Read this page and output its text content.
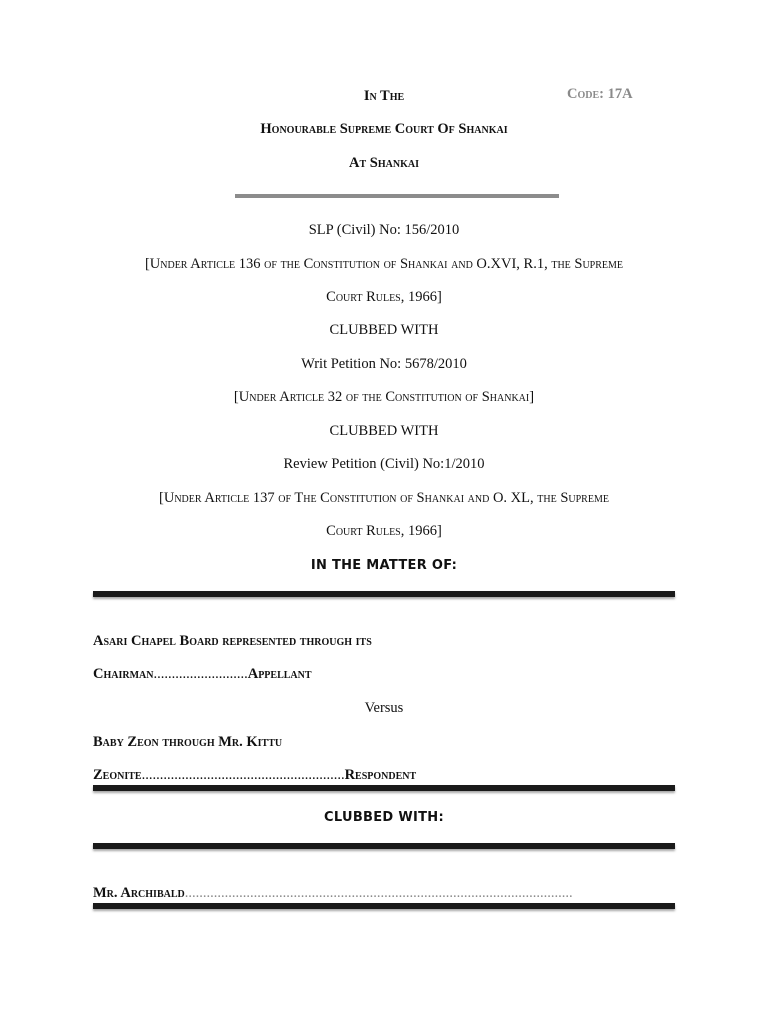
In The	Code: 17A
Honourable Supreme Court Of Shankai
At Shankai
SLP (Civil) No: 156/2010
[Under Article 136 of the Constitution of Shankai and O.XVI, R.1, the Supreme
Court Rules, 1966]
CLUBBED WITH
Writ Petition No: 5678/2010
[Under Article 32 of the Constitution of Shankai]
CLUBBED WITH
Review Petition (Civil) No:1/2010
[Under Article 137 of The Constitution of Shankai and O. XL, the Supreme
Court Rules, 1966]
IN THE MATTER OF:
Asari Chapel Board represented through its
Chairman..........................Appellant
Versus
Baby Zeon through Mr. Kittu
Zeonite........................................................Respondent
CLUBBED WITH:
Mr. Archibald...........................................................................................................
